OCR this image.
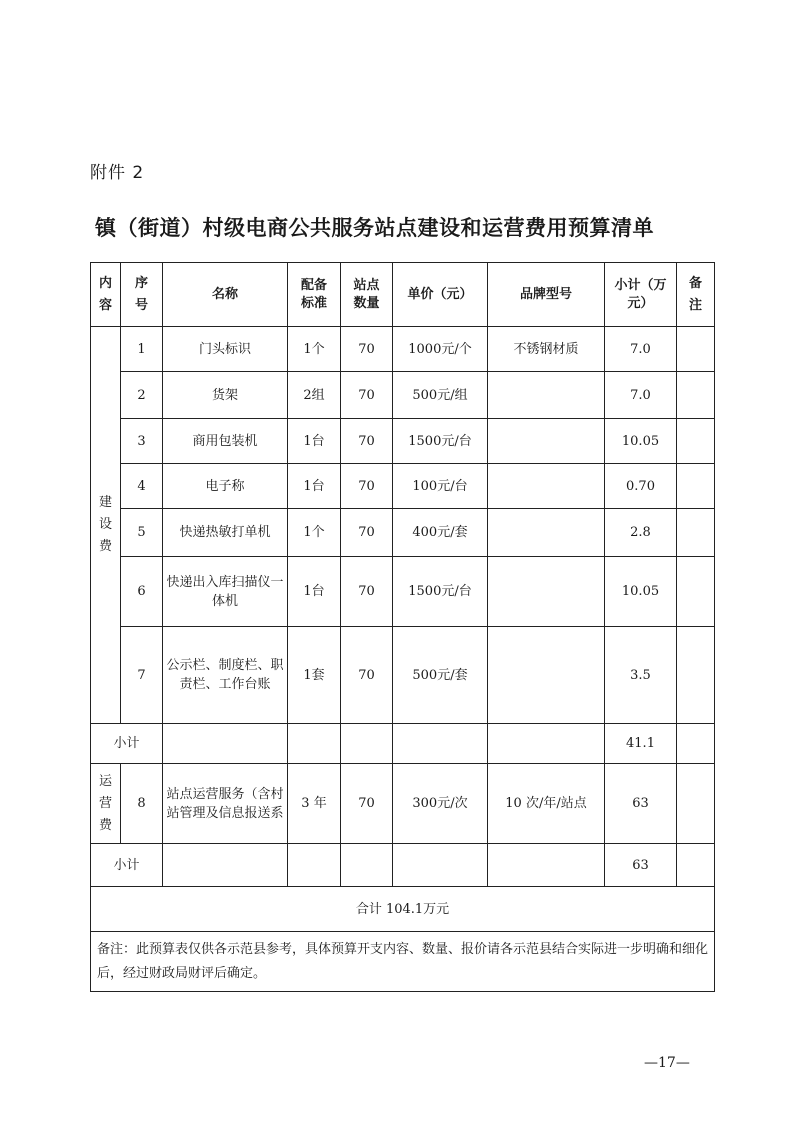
附件 2
镇（街道）村级电商公共服务站点建设和运营费用预算清单
内容	序号	名称	配备标准	站点数量	单价（元）	品牌型号	小计（万元）	备注
建设费	1	门头标识	1个	70	1000元/个	不锈钢材质	7.0	
	2	货架	2组	70	500元/组		7.0	
	3	商用包装机	1台	70	1500元/台		10.05	
	4	电子称	1台	70	100元/台		0.70	
	5	快递热敏打单机	1个	70	400元/套		2.8	
	6	快递出入库扫描仪一体机	1台	70	1500元/台		10.05	
	7	公示栏、制度栏、职责栏、工作台账	1套	70	500元/套		3.5	
小计							41.1	
运营费	8	站点运营服务（含村站管理及信息报送系	3 年	70	300元/次	10 次/年/站点	63	
小计							63	
合计 104.1万元								
备注：此预算表仅供各示范县参考，具体预算开支内容、数量、报价请各示范县结合实际进一步明确和细化后，经过财政局财评后确定。								
—17—
